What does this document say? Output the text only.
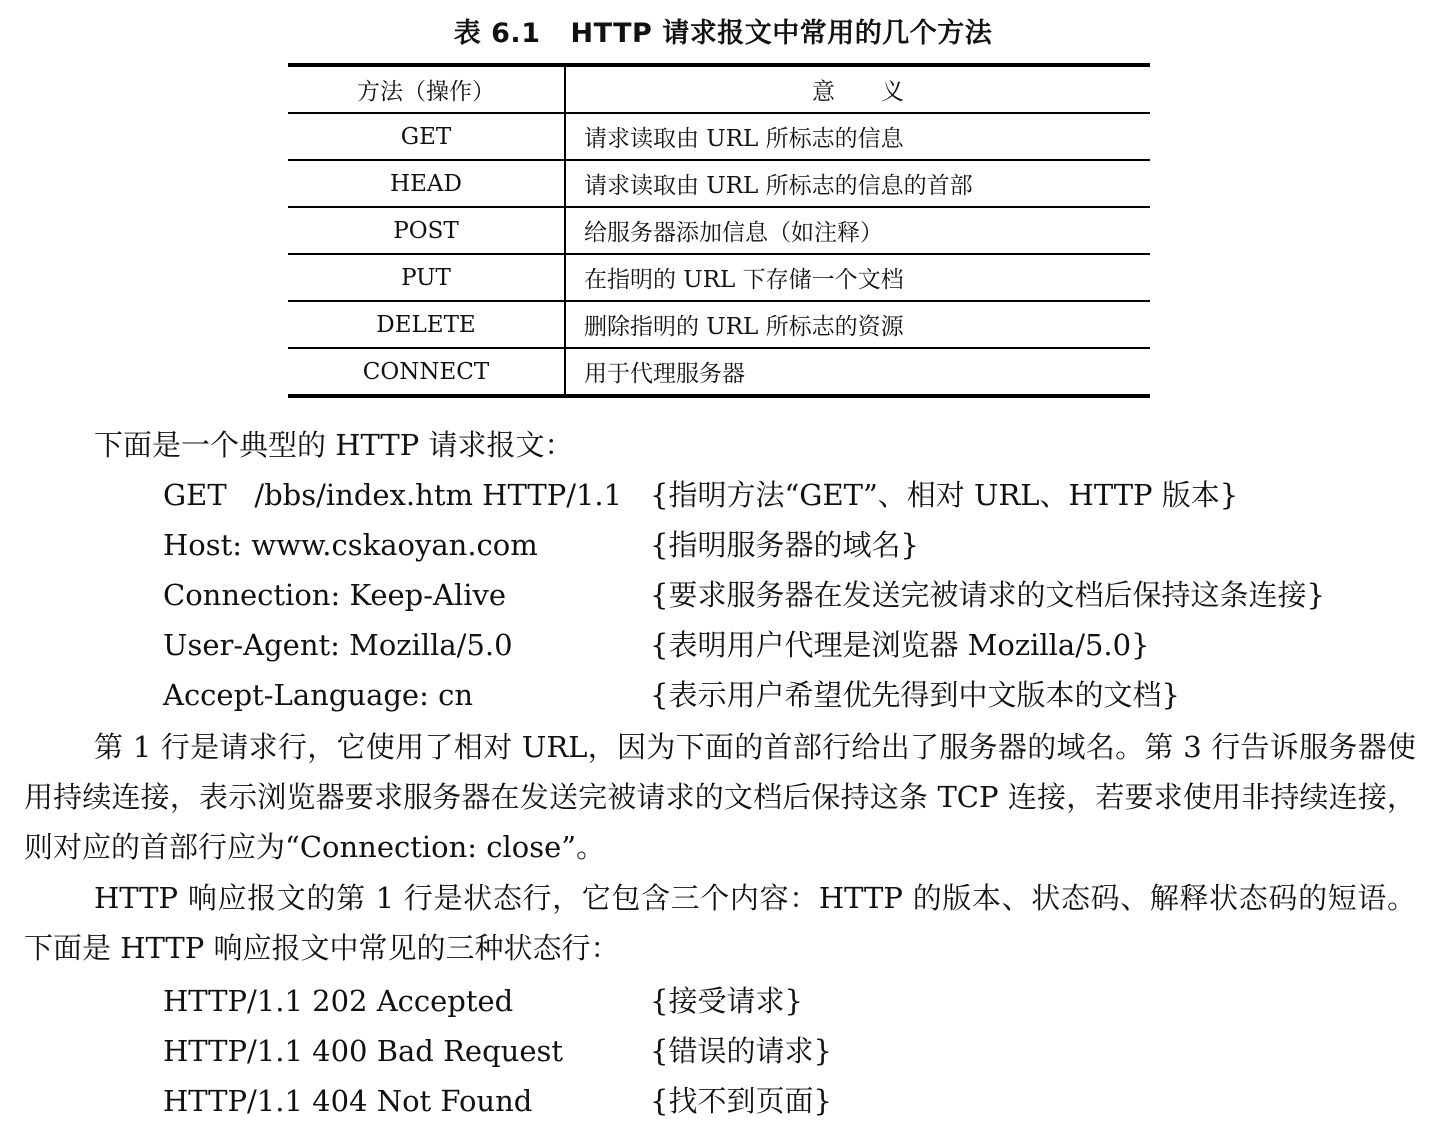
表 6.1 HTTP 请求报文中常用的几个方法
方法（操作）	意　　义
GET	请求读取由 URL 所标志的信息
HEAD	请求读取由 URL 所标志的信息的首部
POST	给服务器添加信息（如注释）
PUT	在指明的 URL 下存储一个文档
DELETE	删除指明的 URL 所标志的资源
CONNECT	用于代理服务器

下面是一个典型的 HTTP 请求报文：

GET   /bbs/index.htm HTTP/1.1 {指明方法“GET”、相对 URL、HTTP 版本}
Host: www.cskaoyan.com	{指明服务器的域名}
Connection: Keep-Alive	{要求服务器在发送完被请求的文档后保持这条连接}
User-Agent: Mozilla/5.0	{表明用户代理是浏览器 Mozilla/5.0}
Accept-Language: cn	{表示用户希望优先得到中文版本的文档}

第 1 行是请求行，它使用了相对 URL，因为下面的首部行给出了服务器的域名。第 3 行告诉服务器使用持续连接，表示浏览器要求服务器在发送完被请求的文档后保持这条 TCP 连接，若要求使用非持续连接，则对应的首部行应为“Connection: close”。

HTTP 响应报文的第 1 行是状态行，它包含三个内容：HTTP 的版本、状态码、解释状态码的短语。下面是 HTTP 响应报文中常见的三种状态行：

HTTP/1.1 202 Accepted	{接受请求}
HTTP/1.1 400 Bad Request	{错误的请求}
HTTP/1.1 404 Not Found	{找不到页面}
